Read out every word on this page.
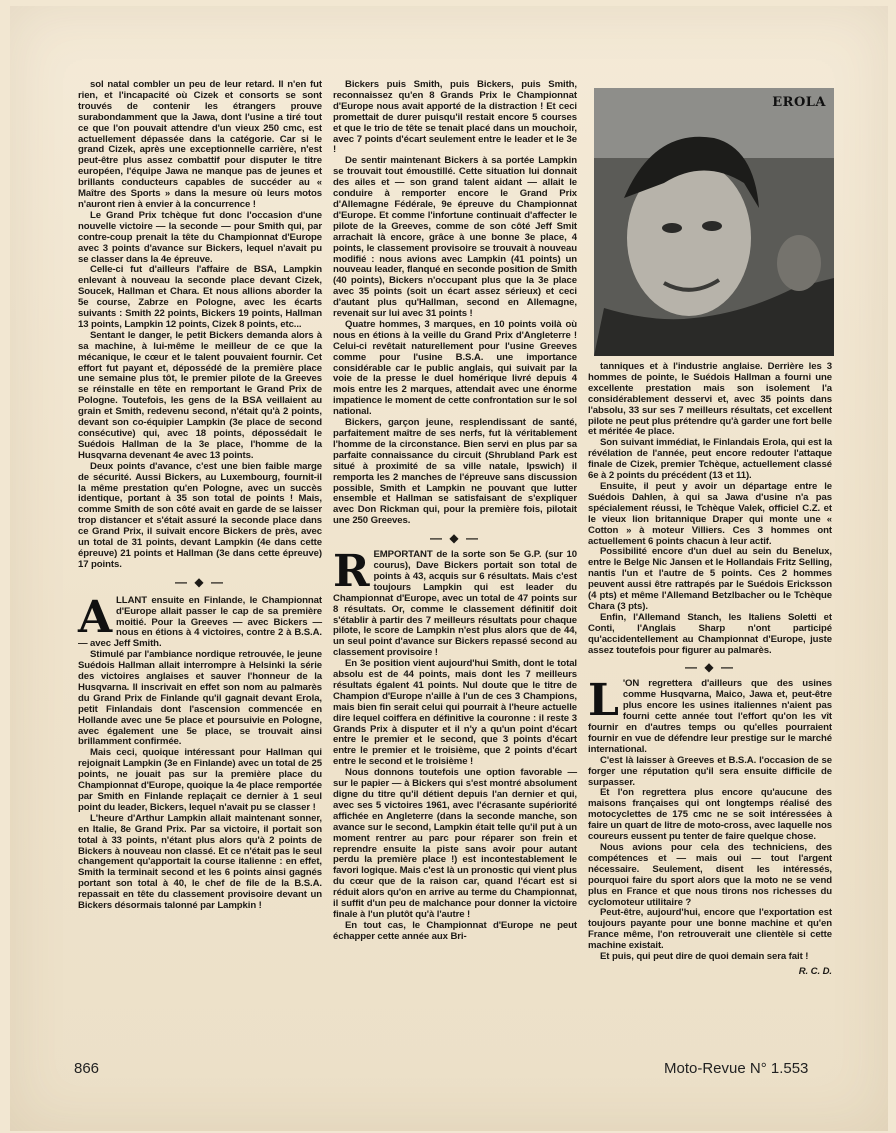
sol natal combler un peu de leur retard. Il n'en fut rien, et l'incapacité où Cizek et consorts se sont trouvés de contenir les étrangers prouve surabondamment que la Jawa, dont l'usine a tiré tout ce que l'on pouvait attendre d'un vieux 250 cmc, est actuellement dépassée dans la catégorie. Car si le grand Cizek, après une exceptionnelle carrière, n'est peut-être plus assez combattif pour disputer le titre européen, l'équipe Jawa ne manque pas de jeunes et brillants conducteurs capables de succéder au « Maître des Sports » dans la mesure où leurs motos n'auront rien à envier à la concurrence !

Le Grand Prix tchèque fut donc l'occasion d'une nouvelle victoire — la seconde — pour Smith qui, par contre-coup prenait la tête du Championnat d'Europe avec 3 points d'avance sur Bickers, lequel n'avait pu se classer dans la 4e épreuve.

Celle-ci fut d'ailleurs l'affaire de BSA, Lampkin enlevant à nouveau la seconde place devant Cizek, Soucek, Hallman et Chara. Et nous allions aborder la 5e course, Zabrze en Pologne, avec les écarts suivants : Smith 22 points, Bickers 19 points, Hallman 13 points, Lampkin 12 points, Cizek 8 points, etc...

Sentant le danger, le petit Bickers demanda alors à sa machine, à lui-même le meilleur de ce que la mécanique, le cœur et le talent pouvaient fournir. Cet effort fut payant et, dépossédé de la première place une semaine plus tôt, le premier pilote de la Greeves se réinstalle en tête en remportant le Grand Prix de Pologne. Toutefois, les gens de la BSA veillaient au grain et Smith, redevenu second, n'était qu'à 2 points, devant son co-équipier Lampkin (3e place de second consécutive) qui, avec 18 points, dépossédait le Suédois Hallman de la 3e place, l'homme de la Husqvarna devenant 4e avec 13 points.

Deux points d'avance, c'est une bien faible marge de sécurité. Aussi Bickers, au Luxembourg, fournit-il la même prestation qu'en Pologne, avec un succès identique, portant à 35 son total de points ! Mais, comme Smith de son côté avait en garde de se laisser trop distancer et s'était assuré la seconde place dans ce Grand Prix, il suivait encore Bickers de près, avec un total de 31 points, devant Lampkin (4e dans cette épreuve) 21 points et Hallman (3e dans cette épreuve) 17 points.

— ◆ —
A LLANT ensuite en Finlande, le Championnat d'Europe allait passer le cap de sa première moitié. Pour la Greeves — avec Bickers — nous en étions à 4 victoires, contre 2 à B.S.A. — avec Jeff Smith.

Stimulé par l'ambiance nordique retrouvée, le jeune Suédois Hallman allait interrompre à Helsinki la série des victoires anglaises et sauver l'honneur de la Husqvarna. Il inscrivait en effet son nom au palmarès du Grand Prix de Finlande qu'il gagnait devant Erola, petit Finlandais dont l'ascension commencée en Hollande avec une 5e place et poursuivie en Pologne, avec également une 5e place, se trouvait ainsi brillamment confirmée.

Mais ceci, quoique intéressant pour Hallman qui rejoignait Lampkin (3e en Finlande) avec un total de 25 points, ne jouait pas sur la première place du Championnat d'Europe, quoique la 4e place remportée par Smith en Finlande replaçait ce dernier à 1 seul point du leader, Bickers, lequel n'avait pu se classer !

L'heure d'Arthur Lampkin allait maintenant sonner, en Italie, 8e Grand Prix. Par sa victoire, il portait son total à 33 points, n'étant plus alors qu'à 2 points de Bickers à nouveau non classé. Et ce n'était pas le seul changement qu'apportait la course italienne : en effet, Smith la terminait second et les 6 points ainsi gagnés portant son total à 40, le chef de file de la B.S.A. repassait en tête du classement provisoire devant un Bickers désormais talonné par Lampkin !

Bickers puis Smith, puis Bickers, puis Smith, reconnaissez qu'en 8 Grands Prix le Championnat d'Europe nous avait apporté de la distraction ! Et ceci promettait de durer puisqu'il restait encore 5 courses et que le trio de tête se tenait placé dans un mouchoir, avec 7 points d'écart seulement entre le leader et le 3e !

De sentir maintenant Bickers à sa portée Lampkin se trouvait tout émoustillé. Cette situation lui donnait des ailes et — son grand talent aidant — allait le conduire à remporter encore le Grand Prix d'Allemagne Fédérale, 9e épreuve du Championnat d'Europe. Et comme l'infortune continuait d'affecter le pilote de la Greeves, comme de son côté Jeff Smit arrachait là encore, grâce à une bonne 3e place, 4 points, le classement provisoire se trouvait à nouveau modifié : nous avions avec Lampkin (41 points) un nouveau leader, flanqué en seconde position de Smith (40 points), Bickers n'occupant plus que la 3e place avec 35 points (soit un écart assez sérieux) et ceci d'autant plus qu'Hallman, second en Allemagne, revenait sur lui avec 31 points !

Quatre hommes, 3 marques, en 10 points voilà où nous en étions à la veille du Grand Prix d'Angleterre ! Celui-ci revêtait naturellement pour l'usine Greeves comme pour l'usine B.S.A. une importance considérable car le public anglais, qui suivait par la voie de la presse le duel homérique livré depuis 4 mois entre les 2 marques, attendait avec une énorme impatience le moment de cette confrontation sur le sol national.

Bickers, garçon jeune, resplendissant de santé, parfaitement maître de ses nerfs, fut là véritablement l'homme de la circonstance. Bien servi en plus par sa parfaite connaissance du circuit (Shrubland Park est situé à proximité de sa ville natale, Ipswich) il remporta les 2 manches de l'épreuve sans discussion possible, Smith et Lampkin ne pouvant que lutter ensemble et Hallman se satisfaisant de s'expliquer avec Don Rickman qui, pour la première fois, pilotait une 250 Greeves.

— ◆ —
R EMPORTANT de la sorte son 5e G.P. (sur 10 courus), Dave Bickers portait son total de points à 43, acquis sur 6 résultats. Mais c'est toujours Lampkin qui est leader du Championnat d'Europe, avec un total de 47 points sur 8 résultats. Or, comme le classement définitif doit s'établir à partir des 7 meilleurs résultats pour chaque pilote, le score de Lampkin n'est plus alors que de 44, un seul point d'avance sur Bickers repassé second au classement provisoire !

En 3e position vient aujourd'hui Smith, dont le total absolu est de 44 points, mais dont les 7 meilleurs résultats égalent 41 points. Nul doute que le titre de Champion d'Europe n'aille à l'un de ces 3 Champions, mais bien fin serait celui qui pourrait à l'heure actuelle dire lequel coiffera en définitive la couronne : il reste 3 Grands Prix à disputer et il n'y a qu'un point d'écart entre le premier et le second, que 3 points d'écart entre le premier et le troisième, que 2 points d'écart entre le second et le troisième !

Nous donnons toutefois une option favorable — sur le papier — à Bickers qui s'est montré absolument digne du titre qu'il détient depuis l'an dernier et qui, avec ses 5 victoires 1961, avec l'écrasante supériorité affichée en Angleterre (dans la seconde manche, son avance sur le second, Lampkin était telle qu'il put à un moment rentrer au parc pour réparer son frein et reprendre ensuite la piste sans avoir pour autant perdu la première place !) est incontestablement le favori logique. Mais c'est là un pronostic qui vient plus du cœur que de la raison car, quand l'écart est si réduit alors qu'on en arrive au terme du Championnat, il suffit d'un peu de malchance pour donner la victoire finale à l'un plutôt qu'à l'autre !

En tout cas, le Championnat d'Europe ne peut échapper cette année aux Bri-

EROLA

tanniques et à l'industrie anglaise. Derrière les 3 hommes de pointe, le Suédois Hallman a fourni une excellente prestation mais son isolement l'a considérablement desservi et, avec 35 points dans l'absolu, 33 sur ses 7 meilleurs résultats, cet excellent pilote ne peut plus prétendre qu'à garder une fort belle et méritée 4e place.

Son suivant immédiat, le Finlandais Erola, qui est la révélation de l'année, peut encore redouter l'attaque finale de Cizek, premier Tchèque, actuellement classé 6e à 2 points du précédent (13 et 11).

Ensuite, il peut y avoir un départage entre le Suédois Dahlen, à qui sa Jawa d'usine n'a pas spécialement réussi, le Tchèque Valek, officiel C.Z. et le vieux lion britannique Draper qui monte une « Cotton » à moteur Villiers. Ces 3 hommes ont actuellement 6 points chacun à leur actif.

Possibilité encore d'un duel au sein du Benelux, entre le Belge Nic Jansen et le Hollandais Fritz Selling, nantis l'un et l'autre de 5 points. Ces 2 hommes peuvent aussi être rattrapés par le Suédois Ericksson (4 pts) et même l'Allemand Betzlbacher ou le Tchèque Chara (3 pts).

Enfin, l'Allemand Stanch, les Italiens Soletti et Conti, l'Anglais Sharp n'ont participé qu'accidentellement au Championnat d'Europe, juste assez toutefois pour figurer au palmarès.

— ◆ —
L 'ON regrettera d'ailleurs que des usines comme Husqvarna, Maico, Jawa et, peut-être plus encore les usines italiennes n'aient pas fourni cette année tout l'effort qu'on les vît fournir en d'autres temps ou qu'elles pourraient fournir en vue de défendre leur prestige sur le marché international.

C'est là laisser à Greeves et B.S.A. l'occasion de se forger une réputation qu'il sera ensuite difficile de surpasser.

Et l'on regrettera plus encore qu'aucune des maisons françaises qui ont longtemps réalisé des motocyclettes de 175 cmc ne se soit intéressées à faire un quart de litre de moto-cross, avec laquelle nos coureurs eussent pu tenter de faire quelque chose.

Nous avions pour cela des techniciens, des compétences et — mais oui — tout l'argent nécessaire. Seulement, disent les intéressés, pourquoi faire du sport alors que la moto ne se vend plus en France et que nous tirons nos richesses du cyclomoteur utilitaire ?

Peut-être, aujourd'hui, encore que l'exportation est toujours payante pour une bonne machine et qu'en France même, l'on retrouverait une clientèle si cette machine existait.

Et puis, qui peut dire de quoi demain sera fait !

R. C. D.
866	Moto-Revue N° 1.553
